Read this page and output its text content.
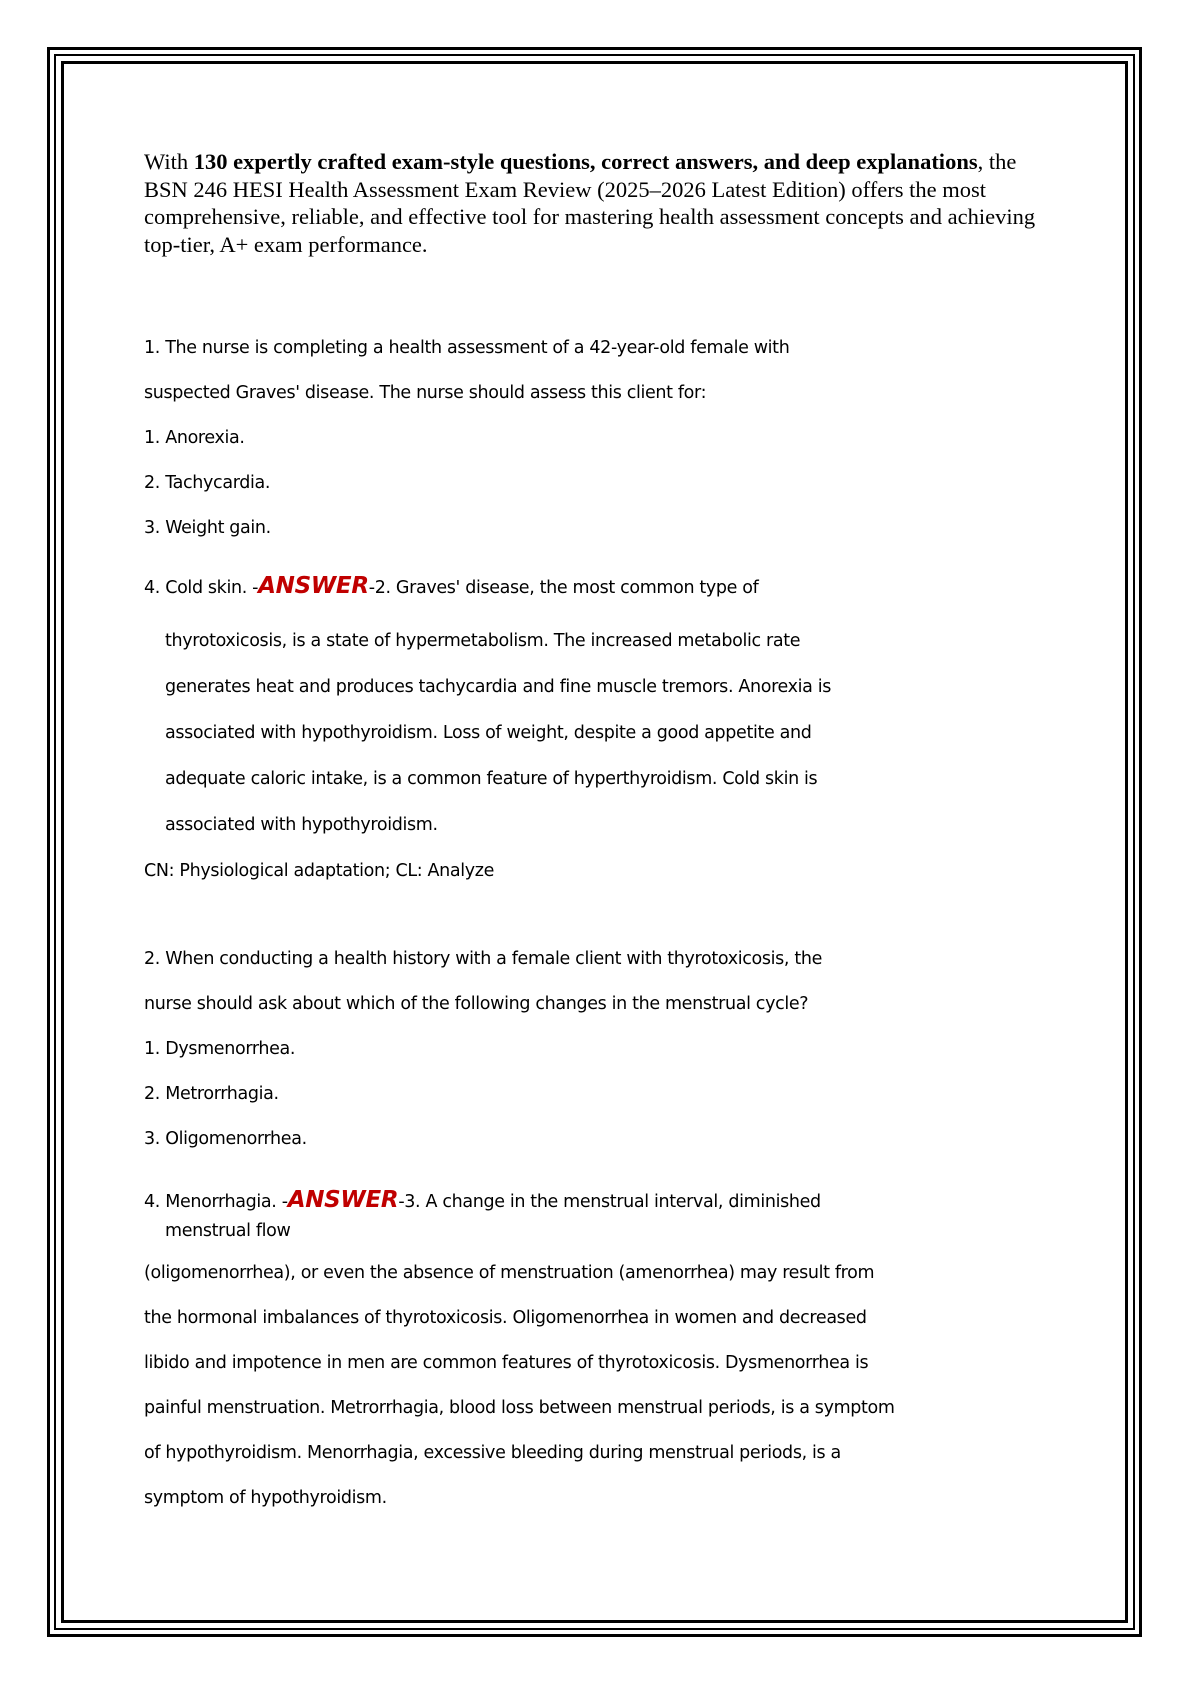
With 130 expertly crafted exam-style questions, correct answers, and deep explanations, the BSN 246 HESI Health Assessment Exam Review (2025–2026 Latest Edition) offers the most comprehensive, reliable, and effective tool for mastering health assessment concepts and achieving top-tier, A+ exam performance.
1. The nurse is completing a health assessment of a 42-year-old female with
suspected Graves' disease. The nurse should assess this client for:
1. Anorexia.
2. Tachycardia.
3. Weight gain.
4. Cold skin. -ANSWER-2. Graves' disease, the most common type of
thyrotoxicosis, is a state of hypermetabolism. The increased metabolic rate
generates heat and produces tachycardia and fine muscle tremors. Anorexia is
associated with hypothyroidism. Loss of weight, despite a good appetite and
adequate caloric intake, is a common feature of hyperthyroidism. Cold skin is
associated with hypothyroidism.
CN: Physiological adaptation; CL: Analyze
2. When conducting a health history with a female client with thyrotoxicosis, the
nurse should ask about which of the following changes in the menstrual cycle?
1. Dysmenorrhea.
2. Metrorrhagia.
3. Oligomenorrhea.
4. Menorrhagia. -ANSWER-3. A change in the menstrual interval, diminished
menstrual flow
(oligomenorrhea), or even the absence of menstruation (amenorrhea) may result from
the hormonal imbalances of thyrotoxicosis. Oligomenorrhea in women and decreased
libido and impotence in men are common features of thyrotoxicosis. Dysmenorrhea is
painful menstruation. Metrorrhagia, blood loss between menstrual periods, is a symptom
of hypothyroidism. Menorrhagia, excessive bleeding during menstrual periods, is a
symptom of hypothyroidism.
